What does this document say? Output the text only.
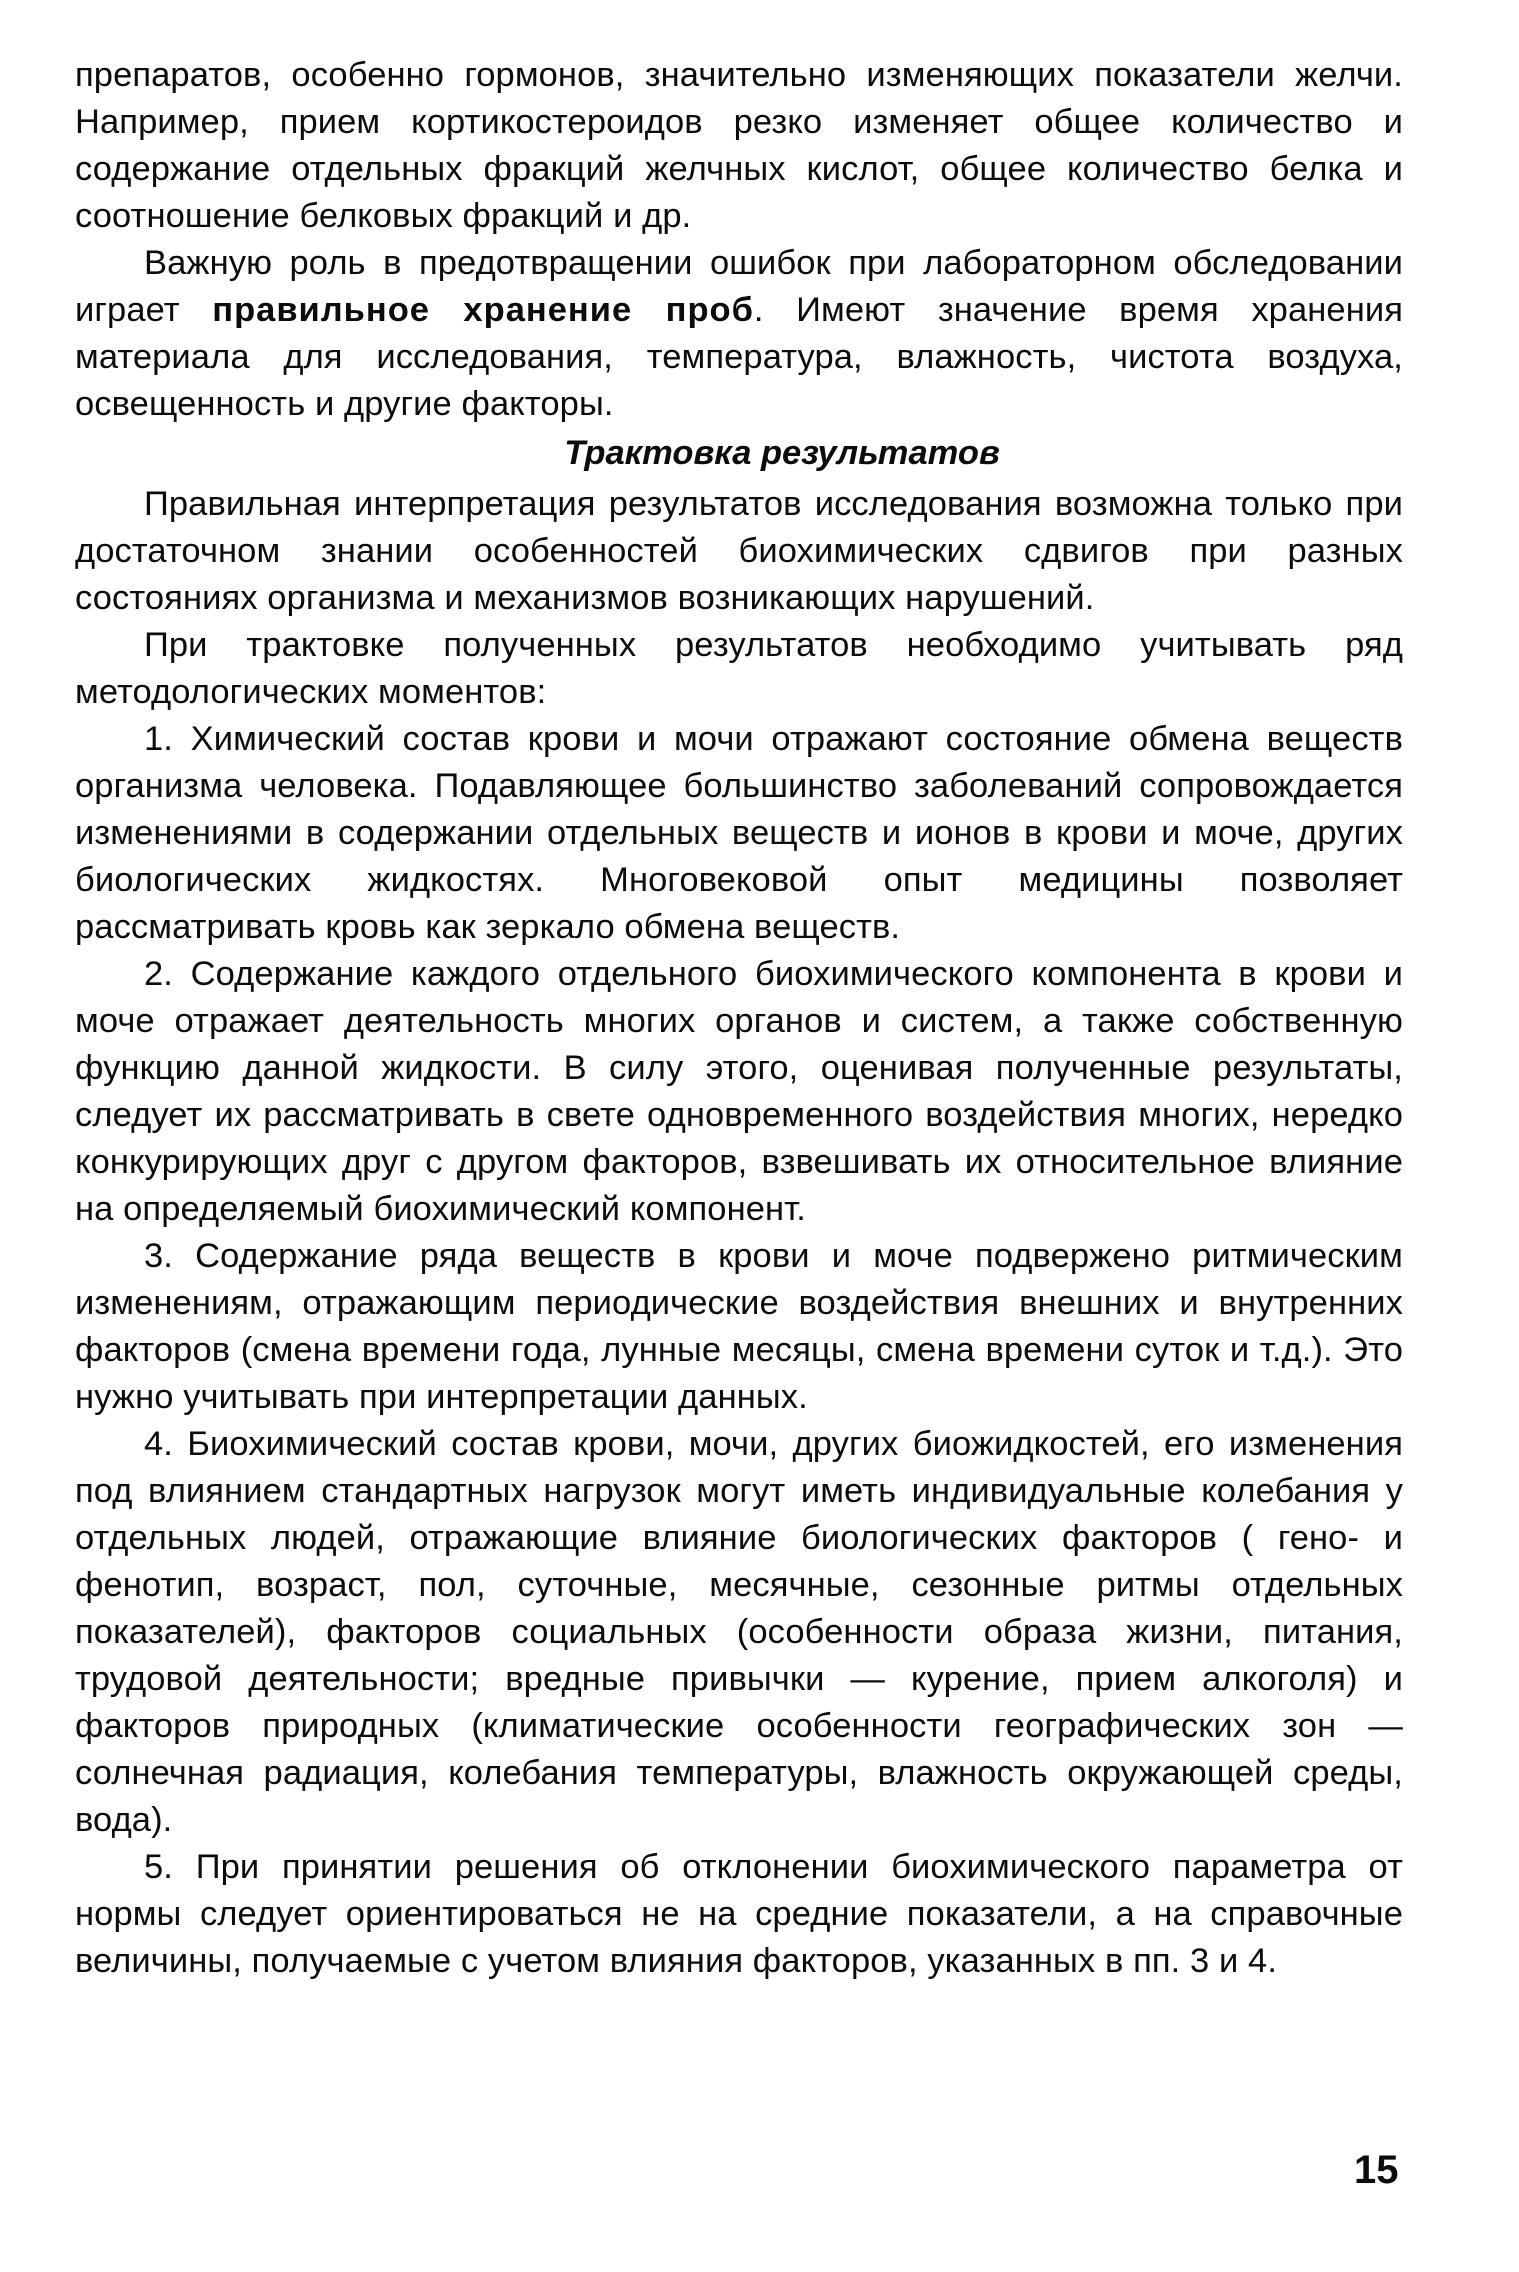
препаратов, особенно гормонов, значительно изменяющих показатели желчи. Например, прием кортикостероидов резко изменяет общее количество и содержание отдельных фракций желчных кислот, общее количество белка и соотношение белковых фракций и др.

Важную роль в предотвращении ошибок при лабораторном обследовании играет правильное хранение проб. Имеют значение время хранения материала для исследования, температура, влажность, чистота воздуха, освещенность и другие факторы.

Трактовка результатов

Правильная интерпретация результатов исследования возможна только при достаточном знании особенностей биохимических сдвигов при разных состояниях организма и механизмов возникающих нарушений.

При трактовке полученных результатов необходимо учитывать ряд методологических моментов:

1. Химический состав крови и мочи отражают состояние обмена веществ организма человека. Подавляющее большинство заболеваний сопровождается изменениями в содержании отдельных веществ и ионов в крови и моче, других биологических жидкостях. Многовековой опыт медицины позволяет рассматривать кровь как зеркало обмена веществ.

2. Содержание каждого отдельного биохимического компонента в крови и моче отражает деятельность многих органов и систем, а также собственную функцию данной жидкости. В силу этого, оценивая полученные результаты, следует их рассматривать в свете одновременного воздействия многих, нередко конкурирующих друг с другом факторов, взвешивать их относительное влияние на определяемый биохимический компонент.

3. Содержание ряда веществ в крови и моче подвержено ритмическим изменениям, отражающим периодические воздействия внешних и внутренних факторов (смена времени года, лунные месяцы, смена времени суток и т.д.). Это нужно учитывать при интерпретации данных.

4. Биохимический состав крови, мочи, других биожидкостей, его изменения под влиянием стандартных нагрузок могут иметь индивидуальные колебания у отдельных людей, отражающие влияние биологических факторов ( гено- и фенотип, возраст, пол, суточные, месячные, сезонные ритмы отдельных показателей), факторов социальных (особенности образа жизни, питания, трудовой деятельности; вредные привычки — курение, прием алкоголя) и факторов природных (климатические особенности географических зон — солнечная радиация, колебания температуры, влажность окружающей среды, вода).

5. При принятии решения об отклонении биохимического параметра от нормы следует ориентироваться не на средние показатели, а на справочные величины, получаемые с учетом влияния факторов, указанных в пп. 3 и 4.

15
